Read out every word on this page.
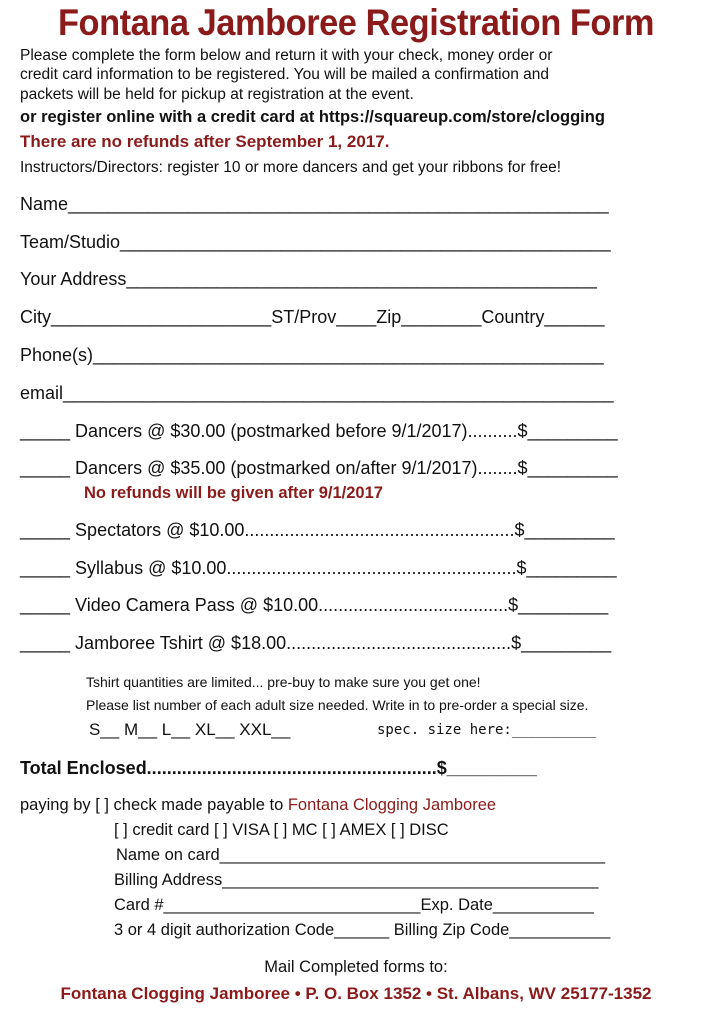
Fontana Jamboree Registration Form
Please complete the form below and return it with your check, money order or
credit card information to be registered. You will be mailed a confirmation and
packets will be held for pickup at registration at the event.
or register online with a credit card at https://squareup.com/store/clogging
There are no refunds after September 1, 2017.
Instructors/Directors: register 10 or more dancers and get your ribbons for free!
Name______________________________________________________
Team/Studio_________________________________________________
Your Address_______________________________________________
City______________________ST/Prov____Zip________Country______
Phone(s)___________________________________________________
email_______________________________________________________
_____ Dancers @ $30.00 (postmarked before 9/1/2017)..........$_________
_____ Dancers @ $35.00 (postmarked on/after 9/1/2017)........$_________
No refunds will be given after 9/1/2017
_____ Spectators @ $10.00......................................................$_________
_____ Syllabus @ $10.00..........................................................$_________
_____ Video Camera Pass @ $10.00......................................$_________
_____ Jamboree Tshirt @ $18.00.............................................$_________
Tshirt quantities are limited... pre-buy to make sure you get one!
Please list number of each adult size needed. Write in to pre-order a special size.
S__ M__ L__ XL__ XXL__	spec. size here:__________
Total Enclosed..........................................................$_________
paying by [ ] check made payable to Fontana Clogging Jamboree
[ ] credit card [ ] VISA [ ] MC [ ] AMEX [ ] DISC
Name on card__________________________________________
Billing Address_________________________________________
Card #____________________________Exp. Date___________
3 or 4 digit authorization Code______ Billing Zip Code___________
Mail Completed forms to:
Fontana Clogging Jamboree • P. O. Box 1352 • St. Albans, WV 25177-1352
